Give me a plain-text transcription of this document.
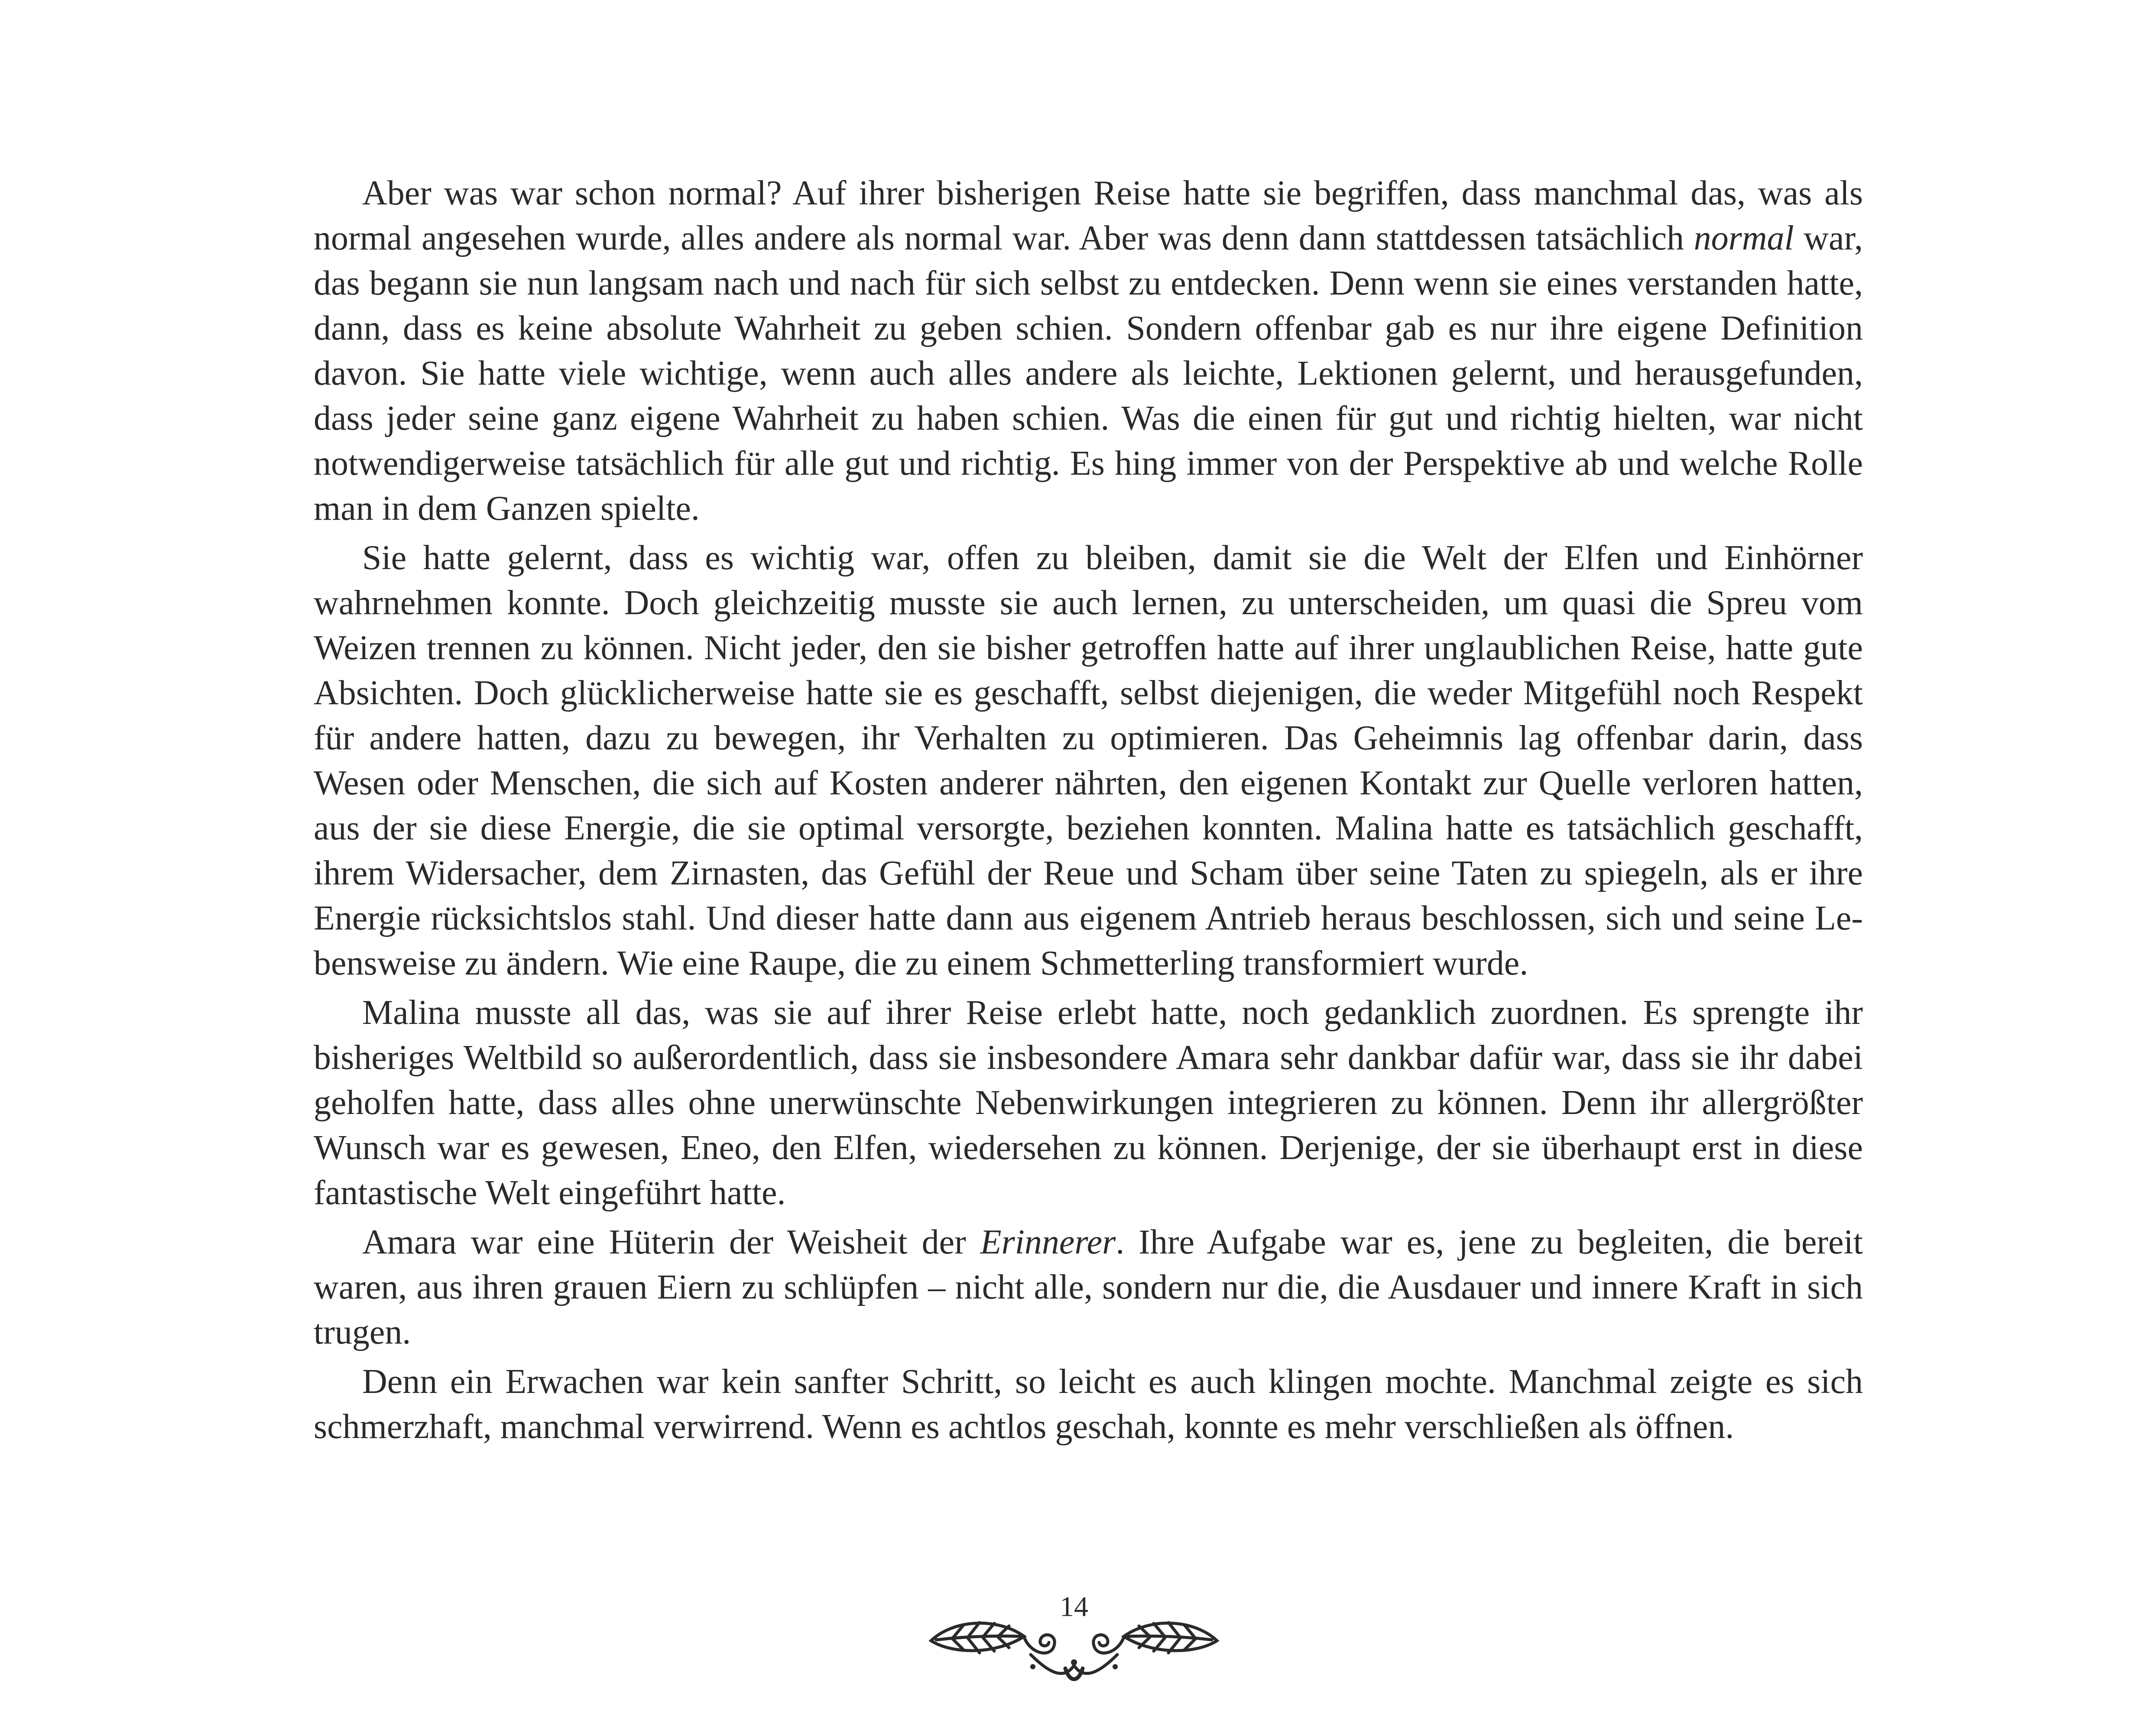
Aber was war schon normal? Auf ihrer bisherigen Reise hatte sie begriffen, dass manchmal das, was als normal angesehen wurde, alles andere als normal war. Aber was denn dann stattdessen tatsächlich normal war, das begann sie nun langsam nach und nach für sich selbst zu entdecken. Denn wenn sie eines verstanden hatte, dann, dass es keine absolute Wahrheit zu geben schien. Sondern offenbar gab es nur ihre eigene Definition davon. Sie hatte viele wichtige, wenn auch alles andere als leichte, Lektionen gelernt, und herausgefunden, dass jeder seine ganz eigene Wahrheit zu haben schien. Was die einen für gut und richtig hielten, war nicht notwendigerweise tatsächlich für alle gut und richtig. Es hing immer von der Perspektive ab und welche Rolle man in dem Ganzen spielte.

Sie hatte gelernt, dass es wichtig war, offen zu bleiben, damit sie die Welt der Elfen und Einhörner wahrnehmen konnte. Doch gleichzeitig musste sie auch lernen, zu unterscheiden, um quasi die Spreu vom Weizen trennen zu können. Nicht jeder, den sie bisher getroffen hatte auf ihrer unglaublichen Reise, hatte gute Absichten. Doch glücklicherweise hatte sie es geschafft, selbst diejenigen, die weder Mitgefühl noch Respekt für andere hatten, dazu zu bewegen, ihr Verhalten zu optimieren. Das Geheimnis lag offenbar darin, dass Wesen oder Menschen, die sich auf Kosten anderer nährten, den eigenen Kontakt zur Quelle verloren hatten, aus der sie diese Energie, die sie optimal versorgte, beziehen konnten. Malina hatte es tatsächlich geschafft, ihrem Widersacher, dem Zirnasten, das Gefühl der Reue und Scham über seine Taten zu spiegeln, als er ihre Energie rücksichtslos stahl. Und dieser hatte dann aus eigenem Antrieb heraus beschlossen, sich und seine Lebensweise zu ändern. Wie eine Raupe, die zu einem Schmetterling transformiert wurde.

Malina musste all das, was sie auf ihrer Reise erlebt hatte, noch gedanklich zuordnen. Es sprengte ihr bisheriges Weltbild so außerordentlich, dass sie insbesondere Amara sehr dankbar dafür war, dass sie ihr dabei geholfen hatte, dass alles ohne unerwünschte Nebenwirkungen integrieren zu können. Denn ihr allergrößter Wunsch war es gewesen, Eneo, den Elfen, wiedersehen zu können. Derjenige, der sie überhaupt erst in diese fantastische Welt eingeführt hatte.

Amara war eine Hüterin der Weisheit der Erinnerer. Ihre Aufgabe war es, jene zu begleiten, die bereit waren, aus ihren grauen Eiern zu schlüpfen – nicht alle, sondern nur die, die Ausdauer und innere Kraft in sich trugen.

Denn ein Erwachen war kein sanfter Schritt, so leicht es auch klingen mochte. Manchmal zeigte es sich schmerzhaft, manchmal verwirrend. Wenn es achtlos geschah, konnte es mehr verschließen als öffnen.

14
